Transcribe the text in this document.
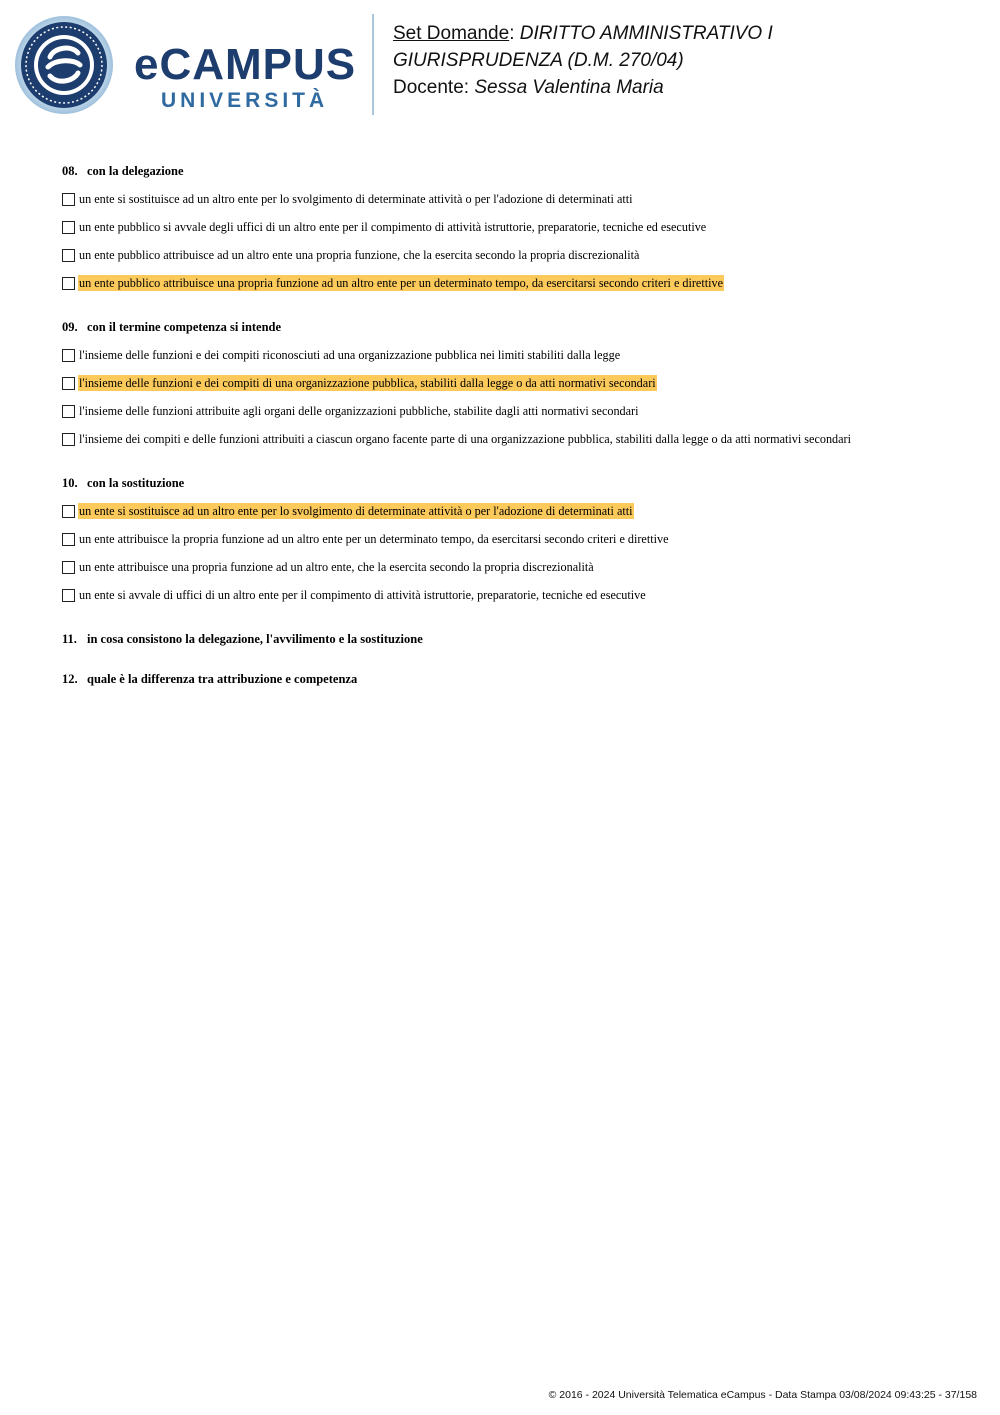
eCAMPUS
UNIVERSITÀ
Set Domande: DIRITTO AMMINISTRATIVO I
GIURISPRUDENZA (D.M. 270/04)
Docente: Sessa Valentina Maria
08. con la delegazione
un ente si sostituisce ad un altro ente per lo svolgimento di determinate attività o per l'adozione di determinati atti
un ente pubblico si avvale degli uffici di un altro ente per il compimento di attività istruttorie, preparatorie, tecniche ed esecutive
un ente pubblico attribuisce ad un altro ente una propria funzione, che la esercita secondo la propria discrezionalità
un ente pubblico attribuisce una propria funzione ad un altro ente per un determinato tempo, da esercitarsi secondo criteri e direttive
09. con il termine competenza si intende
l'insieme delle funzioni e dei compiti riconosciuti ad una organizzazione pubblica nei limiti stabiliti dalla legge
l'insieme delle funzioni e dei compiti di una organizzazione pubblica, stabiliti dalla legge o da atti normativi secondari
l'insieme delle funzioni attribuite agli organi delle organizzazioni pubbliche, stabilite dagli atti normativi secondari
l'insieme dei compiti e delle funzioni attribuiti a ciascun organo facente parte di una organizzazione pubblica, stabiliti dalla legge o da atti normativi secondari
10. con la sostituzione
un ente si sostituisce ad un altro ente per lo svolgimento di determinate attività o per l'adozione di determinati atti
un ente attribuisce la propria funzione ad un altro ente per un determinato tempo, da esercitarsi secondo criteri e direttive
un ente attribuisce una propria funzione ad un altro ente, che la esercita secondo la propria discrezionalità
un ente si avvale di uffici di un altro ente per il compimento di attività istruttorie, preparatorie, tecniche ed esecutive
11. in cosa consistono la delegazione, l'avvilimento e la sostituzione
12. quale è la differenza tra attribuzione e competenza
© 2016 - 2024 Università Telematica eCampus - Data Stampa 03/08/2024 09:43:25 - 37/158
